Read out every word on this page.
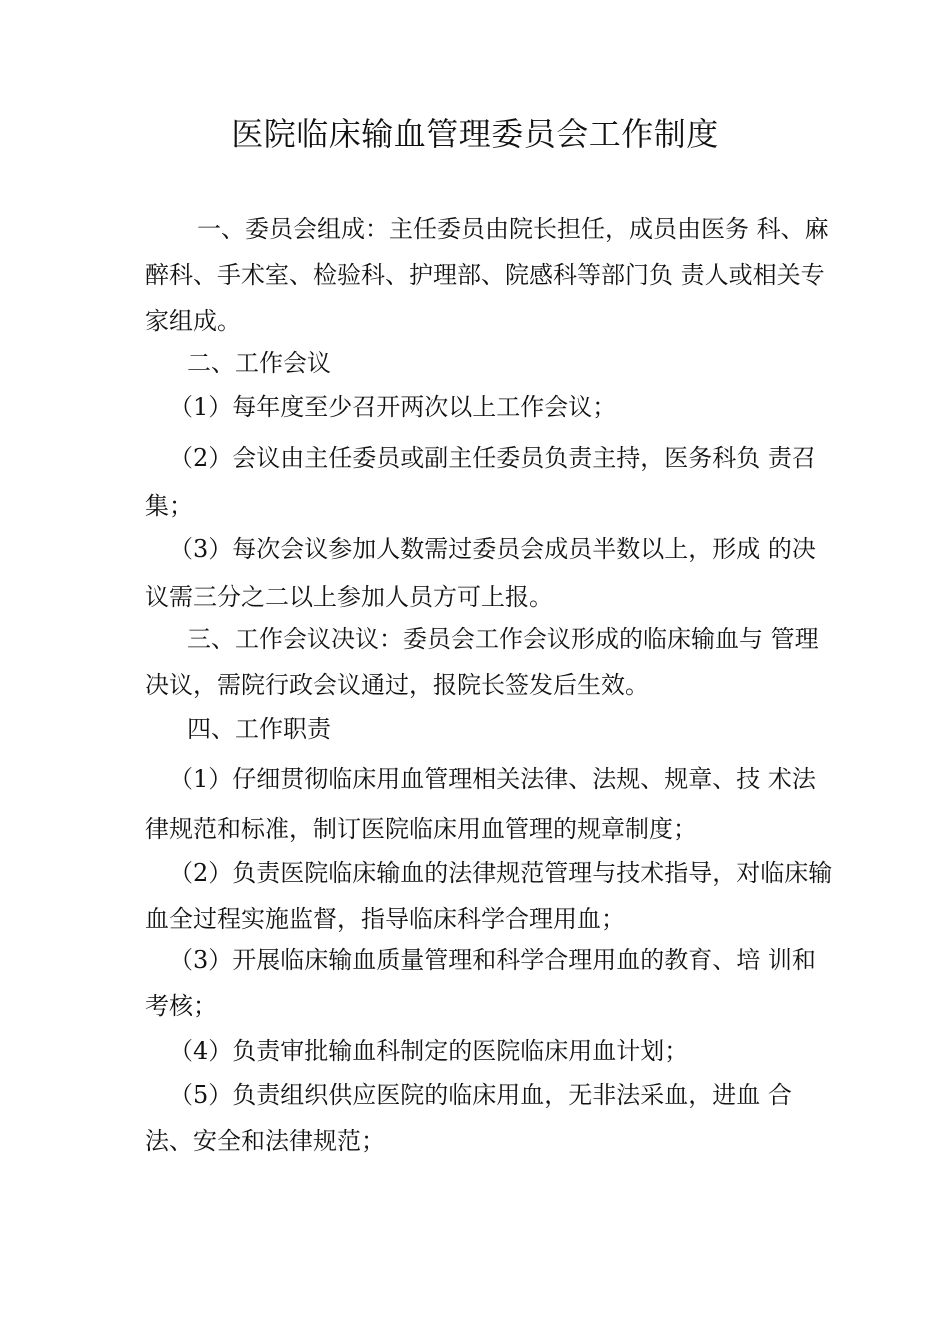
医院临床输血管理委员会工作制度

一、委员会组成：主任委员由院长担任，成员由医务 科、麻醉科、手术室、检验科、护理部、院感科等部门负 责人或相关专家组成。

二、工作会议

（1）每年度至少召开两次以上工作会议；

（2）会议由主任委员或副主任委员负责主持，医务科负 责召集；

（3）每次会议参加人数需过委员会成员半数以上，形成 的决议需三分之二以上参加人员方可上报。

三、工作会议决议：委员会工作会议形成的临床输血与 管理决议，需院行政会议通过，报院长签发后生效。

四、工作职责

（1）仔细贯彻临床用血管理相关法律、法规、规章、技 术法律规范和标准，制订医院临床用血管理的规章制度；

（2）负责医院临床输血的法律规范管理与技术指导，对临床输血全过程实施监督，指导临床科学合理用血；

（3）开展临床输血质量管理和科学合理用血的教育、培 训和考核；

（4）负责审批输血科制定的医院临床用血计划；

（5）负责组织供应医院的临床用血，无非法采血，进血 合法、安全和法律规范；
